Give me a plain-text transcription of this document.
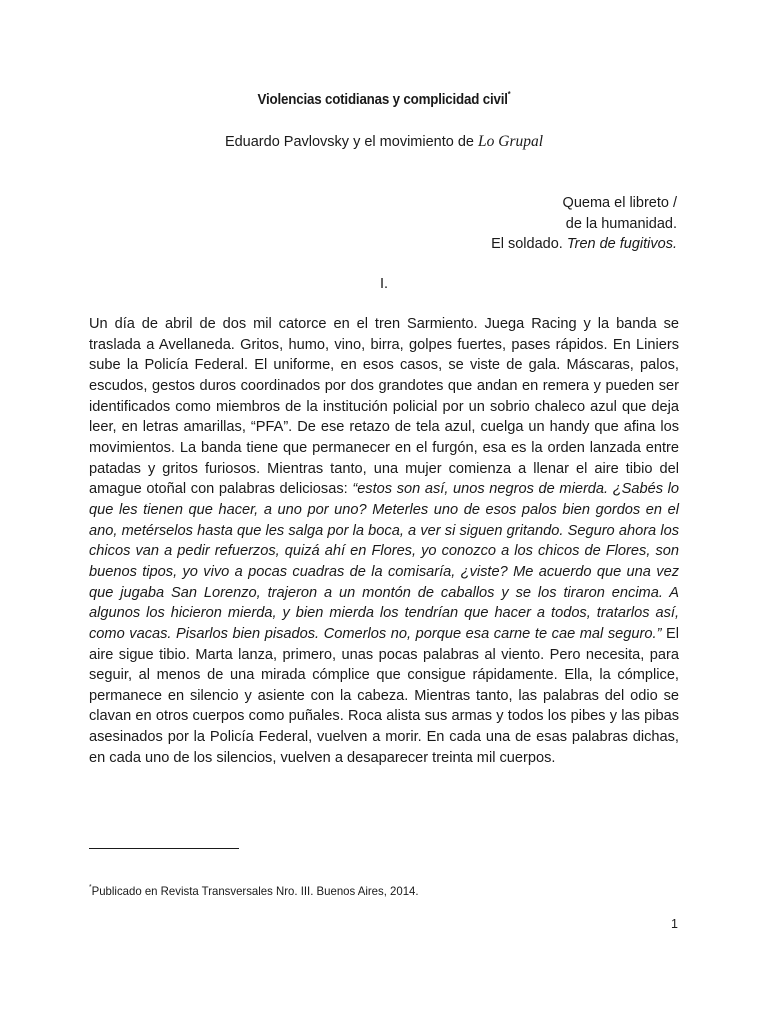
Violencias cotidianas y complicidad civil*
Eduardo Pavlovsky y el movimiento de Lo Grupal
Quema el libreto /
de la humanidad.
El soldado. Tren de fugitivos.
I.

Un día de abril de dos mil catorce en el tren Sarmiento. Juega Racing y la banda se traslada a Avellaneda. Gritos, humo, vino, birra, golpes fuertes, pases rápidos. En Liniers sube la Policía Federal. El uniforme, en esos casos, se viste de gala. Máscaras, palos, escudos, gestos duros coordinados por dos grandotes que andan en remera y pueden ser identificados como miembros de la institución policial por un sobrio chaleco azul que deja leer, en letras amarillas, “PFA”. De ese retazo de tela azul, cuelga un handy que afina los movimientos. La banda tiene que permanecer en el furgón, esa es la orden lanzada entre patadas y gritos furiosos. Mientras tanto, una mujer comienza a llenar el aire tibio del amague otoñal con palabras deliciosas: “estos son así, unos negros de mierda. ¿Sabés lo que les tienen que hacer, a uno por uno? Meterles uno de esos palos bien gordos en el ano, metérselos hasta que les salga por la boca, a ver si siguen gritando. Seguro ahora los chicos van a pedir refuerzos, quizá ahí en Flores, yo conozco a los chicos de Flores, son buenos tipos, yo vivo a pocas cuadras de la comisaría, ¿viste? Me acuerdo que una vez que jugaba San Lorenzo, trajeron a un montón de caballos y se los tiraron encima. A algunos los hicieron mierda, y bien mierda los tendrían que hacer a todos, tratarlos así, como vacas. Pisarlos bien pisados. Comerlos no, porque esa carne te cae mal seguro.” El aire sigue tibio. Marta lanza, primero, unas pocas palabras al viento. Pero necesita, para seguir, al menos de una mirada cómplice que consigue rápidamente. Ella, la cómplice, permanece en silencio y asiente con la cabeza. Mientras tanto, las palabras del odio se clavan en otros cuerpos como puñales. Roca alista sus armas y todos los pibes y las pibas asesinados por la Policía Federal, vuelven a morir. En cada una de esas palabras dichas, en cada uno de los silencios, vuelven a desaparecer treinta mil cuerpos.

*Publicado en Revista Transversales Nro. III. Buenos Aires, 2014.
1
